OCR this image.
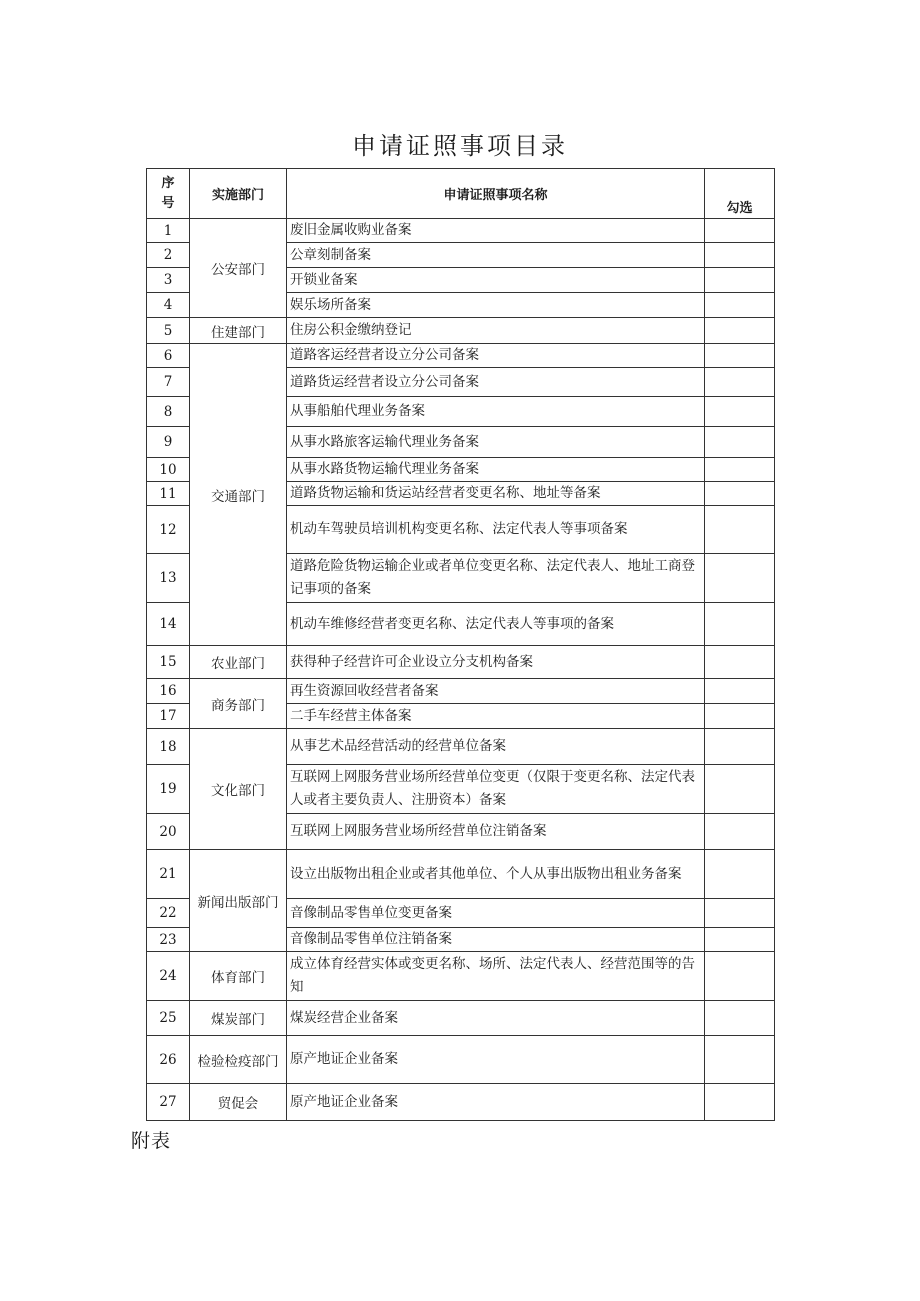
申请证照事项目录
序
号	实施部门	申请证照事项名称	勾选
1	公安部门	废旧金属收购业备案	
2		公章刻制备案	
3		开锁业备案	
4		娱乐场所备案	
5	住建部门	住房公积金缴纳登记	
6	交通部门	道路客运经营者设立分公司备案	
7		道路货运经营者设立分公司备案	
8		从事船舶代理业务备案	
9		从事水路旅客运输代理业务备案	
10		从事水路货物运输代理业务备案	
11		道路货物运输和货运站经营者变更名称、地址等备案	
12		机动车驾驶员培训机构变更名称、法定代表人等事项备案	
13		道路危险货物运输企业或者单位变更名称、法定代表人、地址工商登记事项的备案	
14		机动车维修经营者变更名称、法定代表人等事项的备案	
15	农业部门	获得种子经营许可企业设立分支机构备案	
16	商务部门	再生资源回收经营者备案	
17		二手车经营主体备案	
18	文化部门	从事艺术品经营活动的经营单位备案	
19		互联网上网服务营业场所经营单位变更（仅限于变更名称、法定代表人或者主要负责人、注册资本）备案	
20		互联网上网服务营业场所经营单位注销备案	
21	新闻出版部门	设立出版物出租企业或者其他单位、个人从事出版物出租业务备案	
22		音像制品零售单位变更备案	
23		音像制品零售单位注销备案	
24	体育部门	成立体育经营实体或变更名称、场所、法定代表人、经营范围等的告知	
25	煤炭部门	煤炭经营企业备案	
26	检验检疫部门	原产地证企业备案	
27	贸促会	原产地证企业备案	
附表
